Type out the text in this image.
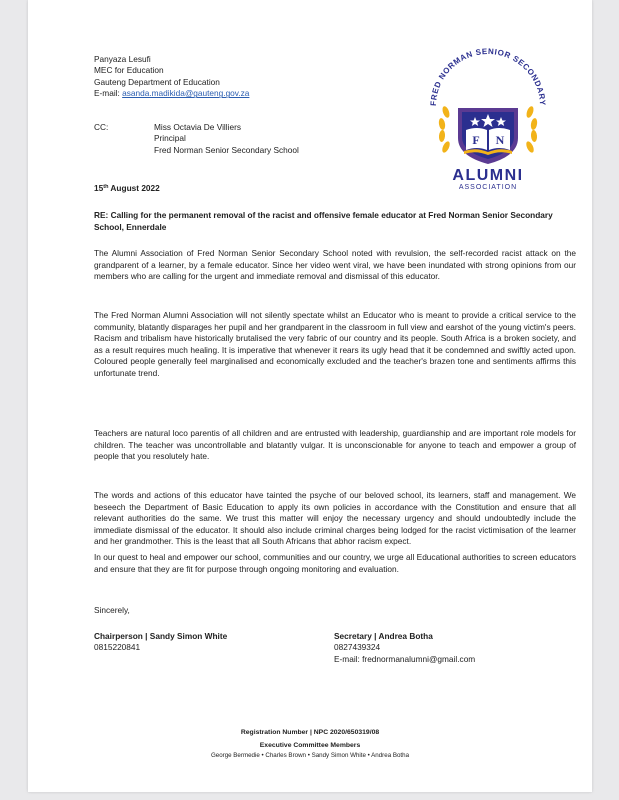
Panyaza Lesufi
MEC for Education
Gauteng Department of Education
E-mail: asanda.madikida@gauteng.gov.za
CC:	Miss Octavia De Villiers
Principal
Fred Norman Senior Secondary School
FRED NORMAN SENIOR SECONDARY
F N
ALUMNI
ASSOCIATION
15th August 2022
RE: Calling for the permanent removal of the racist and offensive female educator at Fred Norman Senior Secondary School, Ennerdale
The Alumni Association of Fred Norman Senior Secondary School noted with revulsion, the self-recorded racist attack on the grandparent of a learner, by a female educator. Since her video went viral, we have been inundated with strong opinions from our members who are calling for the urgent and immediate removal and dismissal of this educator.
The Fred Norman Alumni Association will not silently spectate whilst an Educator who is meant to provide a critical service to the community, blatantly disparages her pupil and her grandparent in the classroom in full view and earshot of the young victim's peers. Racism and tribalism have historically brutalised the very fabric of our country and its people. South Africa is a broken society, and as a result requires much healing. It is imperative that whenever it rears its ugly head that it be condemned and swiftly acted upon. Coloured people generally feel marginalised and economically excluded and the teacher's brazen tone and sentiments affirms this unfortunate trend.
Teachers are natural loco parentis of all children and are entrusted with leadership, guardianship and are important role models for children. The teacher was uncontrollable and blatantly vulgar. It is unconscionable for anyone to teach and empower a group of people that you resolutely hate.
The words and actions of this educator have tainted the psyche of our beloved school, its learners, staff and management. We beseech the Department of Basic Education to apply its own policies in accordance with the Constitution and ensure that all relevant authorities do the same. We trust this matter will enjoy the necessary urgency and should undoubtedly include the immediate dismissal of the educator. It should also include criminal charges being lodged for the racist victimisation of the learner and her grandmother. This is the least that all South Africans that abhor racism expect.
In our quest to heal and empower our school, communities and our country, we urge all Educational authorities to screen educators and ensure that they are fit for purpose through ongoing monitoring and evaluation.
Sincerely,
Chairperson | Sandy Simon White
0815220841
Secretary | Andrea Botha
0827439324
E-mail: frednormanalumni@gmail.com
Registration Number | NPC 2020/650319/08
Executive Committee Members
George Bermedie • Charles Brown • Sandy Simon White • Andrea Botha
